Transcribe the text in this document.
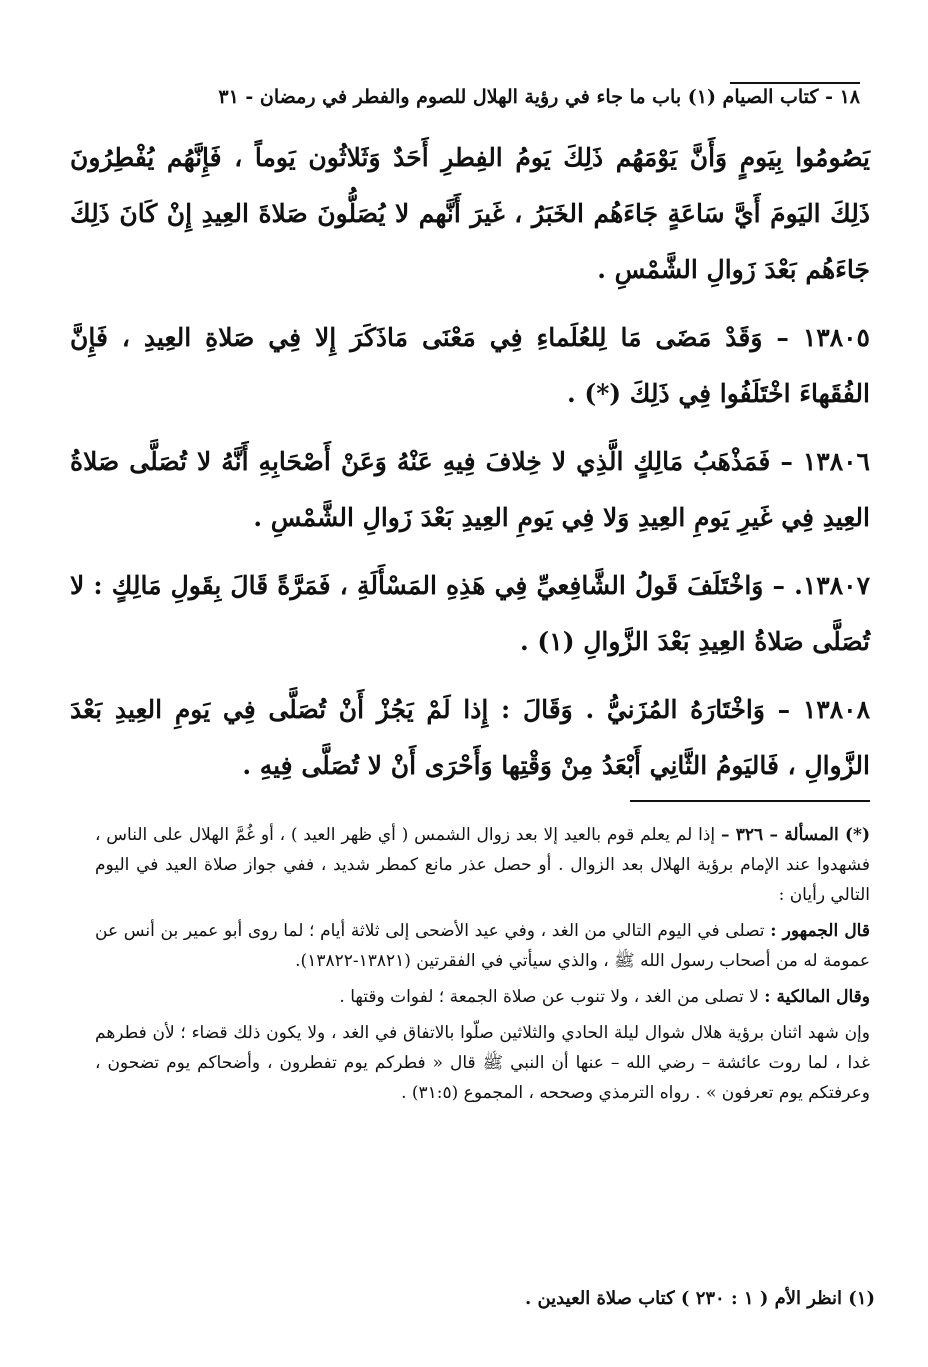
١٨ - كتاب الصيام (١) باب ما جاء في رؤية الهلال للصوم والفطر في رمضان - ٣١

يَصُومُوا بِيَومٍ وَأَنَّ يَوْمَهُم ذَلِكَ يَومُ الفِطرِ أَحَدٌ وَثَلاثُون يَوماً ، فَإِنَّهُم يُفْطِرُونَ ذَلِكَ اليَومَ أَيَّ سَاعَةٍ جَاءَهُم الخَبَرُ ، غَيرَ أَنَّهم لا يُصَلُّونَ صَلاةَ العِيدِ إِنْ كَانَ ذَلِكَ جَاءَهُم بَعْدَ زَوالِ الشَّمْسِ .

١٣٨٠٥ – وَقَدْ مَضَى مَا لِلعُلَماءِ فِي مَعْنَى مَاذَكَرَ إِلا فِي صَلاةِ العِيدِ ، فَإِنَّ الفُقَهاءَ اخْتَلَفُوا فِي ذَلِكَ (*) .

١٣٨٠٦ – فَمَذْهَبُ مَالِكٍ الَّذِي لا خِلافَ فِيهِ عَنْهُ وَعَنْ أَصْحَابِهِ أَنَّهُ لا تُصَلَّى صَلاةُ العِيدِ فِي غَيرِ يَومِ العِيدِ وَلا فِي يَومِ العِيدِ بَعْدَ زَوالِ الشَّمْسِ .

١٣٨٠٧. – وَاخْتَلَفَ قَولُ الشَّافِعيِّ فِي هَذِهِ المَسْأَلَةِ ، فَمَرَّةً قَالَ بِقَولِ مَالِكٍ : لا تُصَلَّى صَلاةُ العِيدِ بَعْدَ الزَّوالِ (١) .

١٣٨٠٨ – وَاخْتَارَهُ المُزَنيُّ . وَقَالَ : إِذا لَمْ يَجُزْ أَنْ تُصَلَّى فِي يَومِ العِيدِ بَعْدَ الزَّوالِ ، فَاليَومُ الثَّانِي أَبْعَدُ مِنْ وَقْتِها وَأَحْرَى أَنْ لا تُصَلَّى فِيهِ .

(*) المسألة – ٣٢٦ – إذا لم يعلم قوم بالعيد إلا بعد زوال الشمس ( أي ظهر العيد ) ، أو غُمَّ الهلال على الناس ، فشهدوا عند الإمام برؤية الهلال بعد الزوال . أو حصل عذر مانع كمطر شديد ، ففي جواز صلاة العيد في اليوم التالي رأيان :

قال الجمهور : تصلى في اليوم التالي من الغد ، وفي عيد الأضحى إلى ثلاثة أيام ؛ لما روى أبو عمير بن أنس عن عمومة له من أصحاب رسول الله ﷺ ، والذي سيأتي في الفقرتين (١٣٨٢١-١٣٨٢٢).

وقال المالكية : لا تصلى من الغد ، ولا تنوب عن صلاة الجمعة ؛ لفوات وقتها .

وإن شهد اثنان برؤية هلال شوال ليلة الحادي والثلاثين صلّوا بالاتفاق في الغد ، ولا يكون ذلك قضاء ؛ لأن فطرهم غدا ، لما روت عائشة – رضي الله – عنها أن النبي ﷺ قال « فطركم يوم تفطرون ، وأضحاكم يوم تضحون ، وعرفتكم يوم تعرفون » . رواه الترمذي وصححه ، المجموع (٣١:٥) .

(١) انظر الأم ( ١ : ٢٣٠ ) كتاب صلاة العيدين .
